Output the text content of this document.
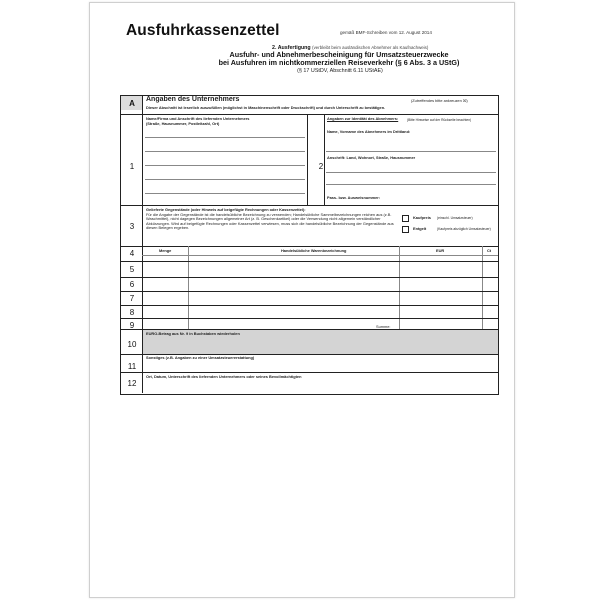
Ausfuhrkassenzettel	gemäß BMF-Schreiben vom 12. August 2014
2. Ausfertigung (verbleibt beim ausländischen Abnehmer als Kaufnachweis)
Ausfuhr- und Abnehmerbescheinigung für Umsatzsteuerzwecke
bei Ausfuhren im nichtkommerziellen Reiseverkehr (§ 6 Abs. 3 a UStG)
(§ 17 UStDV, Abschnitt 6.11 UStAE)
A	Angaben des Unternehmers	(Zutreffendes bitte ankreuzen ☒)
Dieser Abschnitt ist leserlich auszufüllen (möglichst in Maschinenschrift oder Druckschrift) und durch Unterschrift zu bestätigen.
1
Name/Firma und Anschrift des liefernden Unternehmers
(Straße, Hausnummer, Postleitzahl, Ort)
2
Angaben zur Identität des Abnehmers:	(Bitte Hinweise auf der Rückseite beachten)
Name, Vorname des Abnehmers im Drittland:
Anschrift: Land, Wohnort, Straße, Hausnummer
Pass- bzw. Ausweisnummer:
3
Gelieferte Gegenstände (oder Hinweis auf beigefügte Rechnungen oder Kassenzettel):
Für die Angabe der Gegenstände ist die handelsübliche Bezeichnung zu verwenden; Handelsübliche Sammelbezeichnungen reichen aus (z.B. Waschmittel), nicht dagegen Bezeichnungen allgemeiner Art (z. B. Geschenkartikel) oder die Verwendung nicht allgemein verständlicher Abkürzungen. Wird auf beigefügte Rechnungen oder Kassenzettel verwiesen, muss sich die handelsübliche Bezeichnung der Gegenstände aus diesen Belegen ergeben.
Kaufpreis (einschl. Umsatzsteuer)
Entgelt	(Kaufpreis abzüglich Umsatzsteuer)
Menge	Handelsübliche Warenbezeichnung	EUR	Ct
4
5
6
7
8
9	Summe:
10
EURO-Betrag aus Nr. 9 in Buchstaben wiederholen
11
Sonstiges (z.B. Angaben zu einer Umsatzsteuererstattung)
12
Ort, Datum, Unterschrift des liefernden Unternehmers oder seines Bevollmächtigten
